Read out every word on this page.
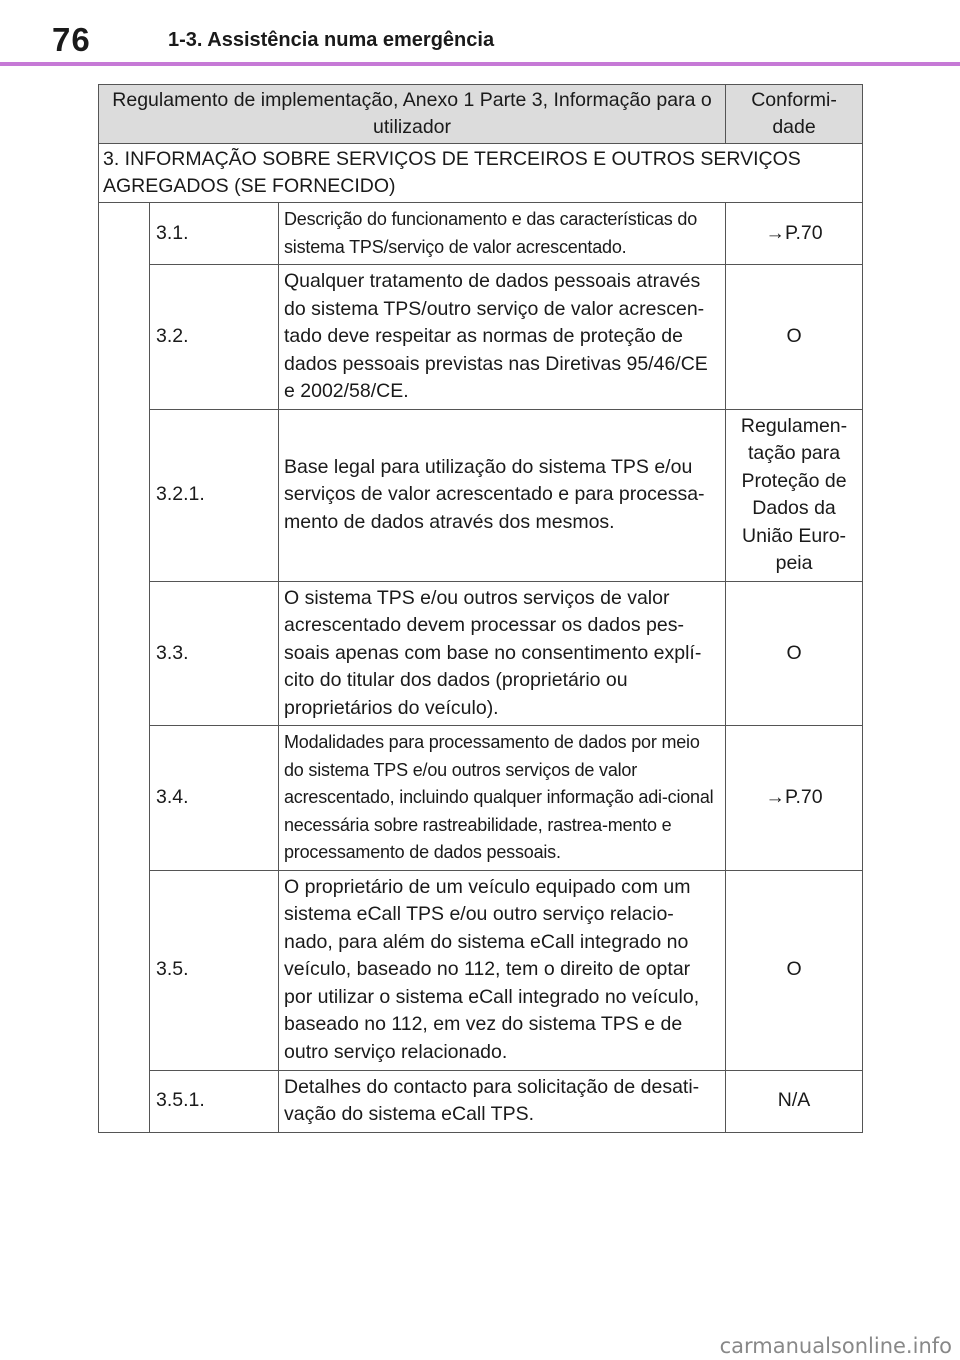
76	1-3. Assistência numa emergência
Regulamento de implementação, Anexo 1 Parte 3, Informação para o utilizador			Conformi-dade
3. INFORMAÇÃO SOBRE SERVIÇOS DE TERCEIROS E OUTROS SERVIÇOS AGREGADOS (SE FORNECIDO)			
	3.1.	Descrição do funcionamento e das características do sistema TPS/serviço de valor acrescentado.	→P.70
	3.2.	Qualquer tratamento de dados pessoais através do sistema TPS/outro serviço de valor acrescen-tado deve respeitar as normas de proteção de dados pessoais previstas nas Diretivas 95/46/CE e 2002/58/CE.	O
	3.2.1.	Base legal para utilização do sistema TPS e/ou serviços de valor acrescentado e para processa-mento de dados através dos mesmos.	Regulamen-tação para Proteção de Dados da União Euro-peia
	3.3.	O sistema TPS e/ou outros serviços de valor acrescentado devem processar os dados pes-soais apenas com base no consentimento explí-cito do titular dos dados (proprietário ou proprietários do veículo).	O
	3.4.	Modalidades para processamento de dados por meio do sistema TPS e/ou outros serviços de valor acrescentado, incluindo qualquer informação adi-cional necessária sobre rastreabilidade, rastrea-mento e processamento de dados pessoais.	→P.70
	3.5.	O proprietário de um veículo equipado com um sistema eCall TPS e/ou outro serviço relacio-nado, para além do sistema eCall integrado no veículo, baseado no 112, tem o direito de optar por utilizar o sistema eCall integrado no veículo, baseado no 112, em vez do sistema TPS e de outro serviço relacionado.	O
	3.5.1.	Detalhes do contacto para solicitação de desati-vação do sistema eCall TPS.	N/A
carmanualsonline.info
